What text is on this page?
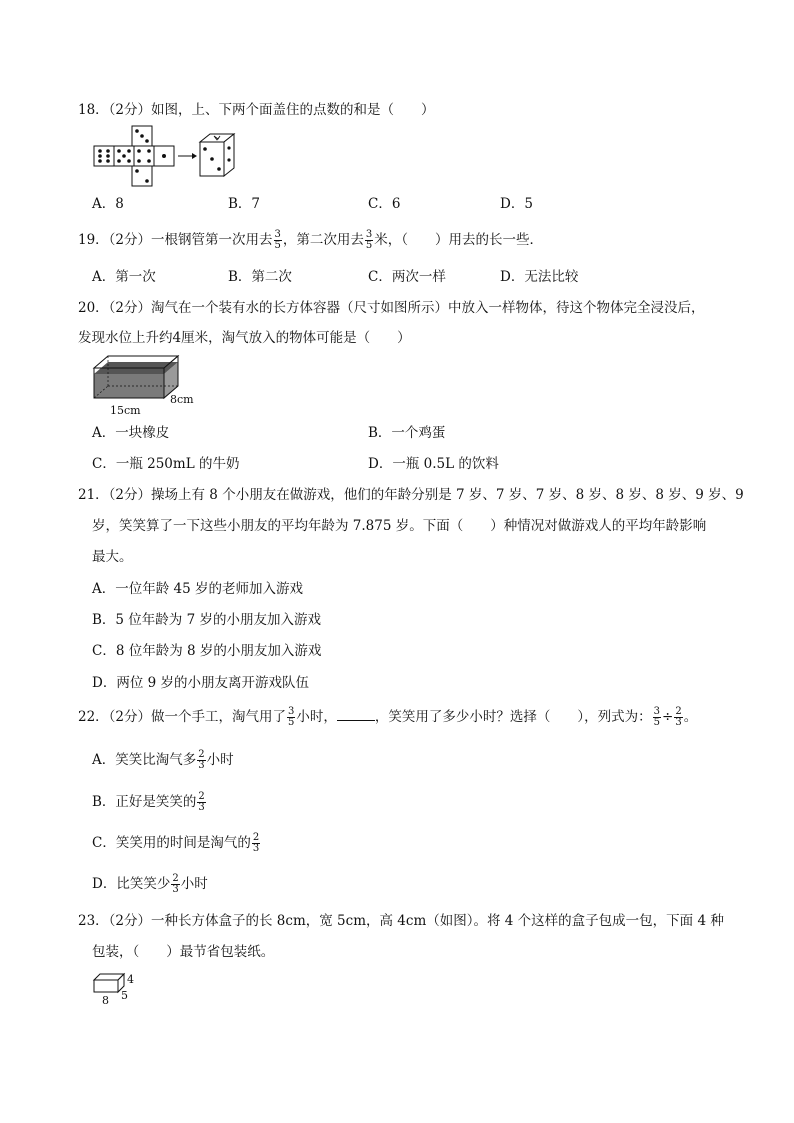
18．（2分）如图，上、下两个面盖住的点数的和是（　　）
A．8	B．7	C．6	D．5
19．（2分）一根钢管第一次用去 $\frac{3}{5}$ ，第二次用去 $\frac{3}{5}$ 米，（　　）用去的长一些．
A．第一次	B．第二次	C．两次一样	D．无法比较
20．（2分）淘气在一个装有水的长方体容器（尺寸如图所示）中放入一样物体，待这个物体完全浸没后，
发现水位上升约4厘米，淘气放入的物体可能是（　　）
15cm
8cm
A．一块橡皮	B．一个鸡蛋
C．一瓶 250mL 的牛奶	D．一瓶 0.5L 的饮料
21．（2分）操场上有 8 个小朋友在做游戏，他们的年龄分别是 7 岁、7 岁、7 岁、8 岁、8 岁、8 岁、9 岁、9
岁，笑笑算了一下这些小朋友的平均年龄为 7.875 岁。下面（　　）种情况对做游戏人的平均年龄影响
最大。
A．一位年龄 45 岁的老师加入游戏
B．5 位年龄为 7 岁的小朋友加入游戏
C．8 位年龄为 8 岁的小朋友加入游戏
D．两位 9 岁的小朋友离开游戏队伍
22．（2分）做一个手工，淘气用了 $\frac{3}{5}$ 小时，	，笑笑用了多少小时？选择（　　），列式为： $\frac{3}{5} \div \frac{2}{3}$ 。
A．笑笑比淘气多 $\frac{2}{3}$ 小时
B．正好是笑笑的 $\frac{2}{3}$
C．笑笑用的时间是淘气的 $\frac{2}{3}$
D．比笑笑少 $\frac{2}{3}$ 小时
23．（2分）一种长方体盒子的长 8cm，宽 5cm，高 4cm（如图）。将 4 个这样的盒子包成一包，下面 4 种
包装，（　　）最节省包装纸。
4
8 5
